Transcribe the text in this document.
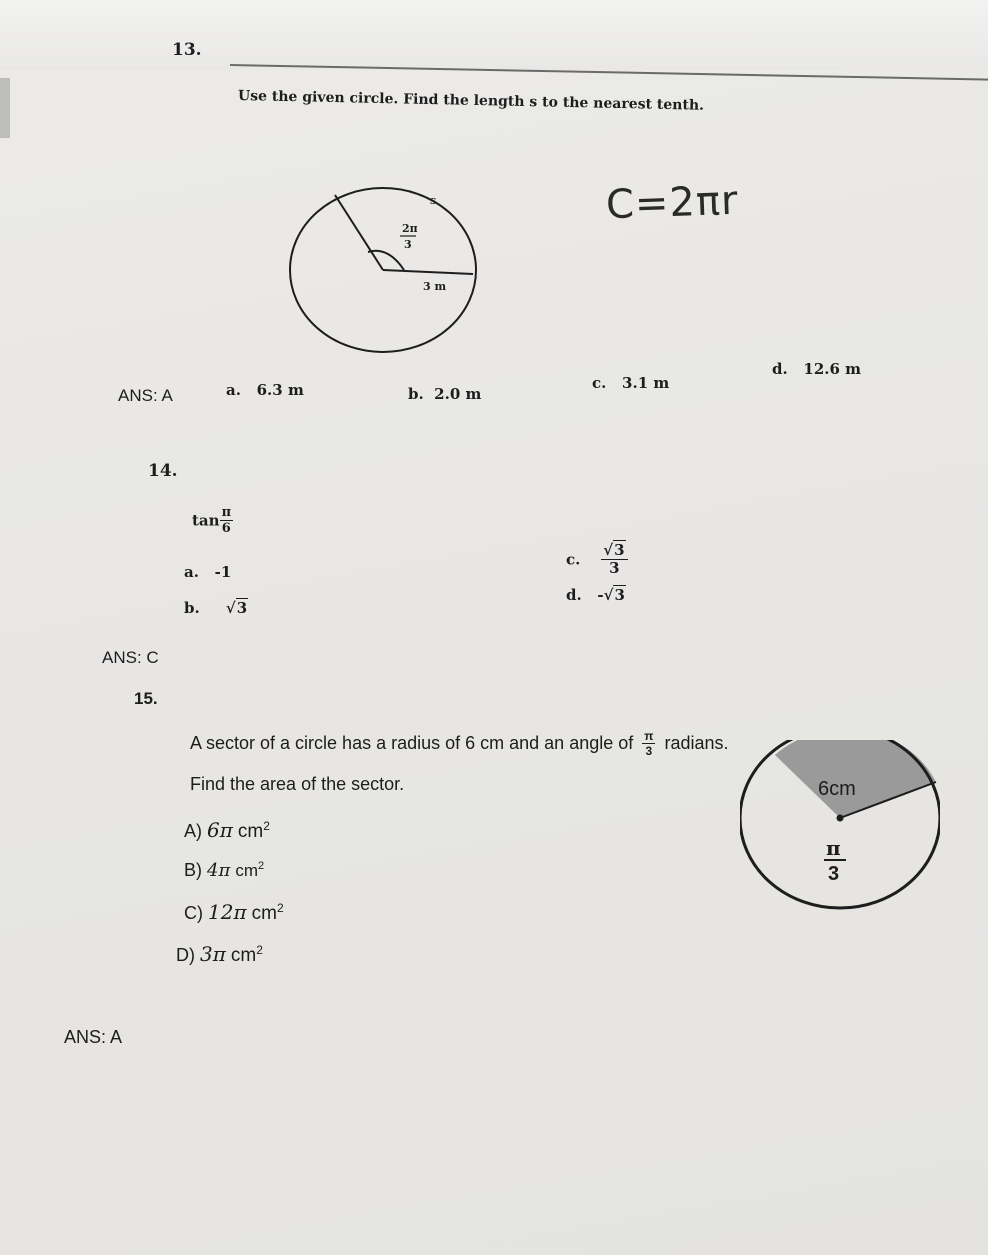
13.
Use the given circle. Find the length s to the nearest tenth.
s
2π
3
3 m
C=2πr
ANS: A	a. 6.3 m	b. 2.0 m
c. 3.1 m
d. 12.6 m
14.
$\tan \frac{\pi}{6}$
a. -1
b. √3
c. $\frac{√3}{3}$
d. -√3
ANS: C
15.
A sector of a circle has a radius of 6 cm and an angle of $\frac{\pi}{3}$ radians.
Find the area of the sector.	6cm
π
3
A) 6π $cm^2$
B) 4π $cm^2$
C) 12π $cm^2$
D) 3π $cm^2$
ANS: A
